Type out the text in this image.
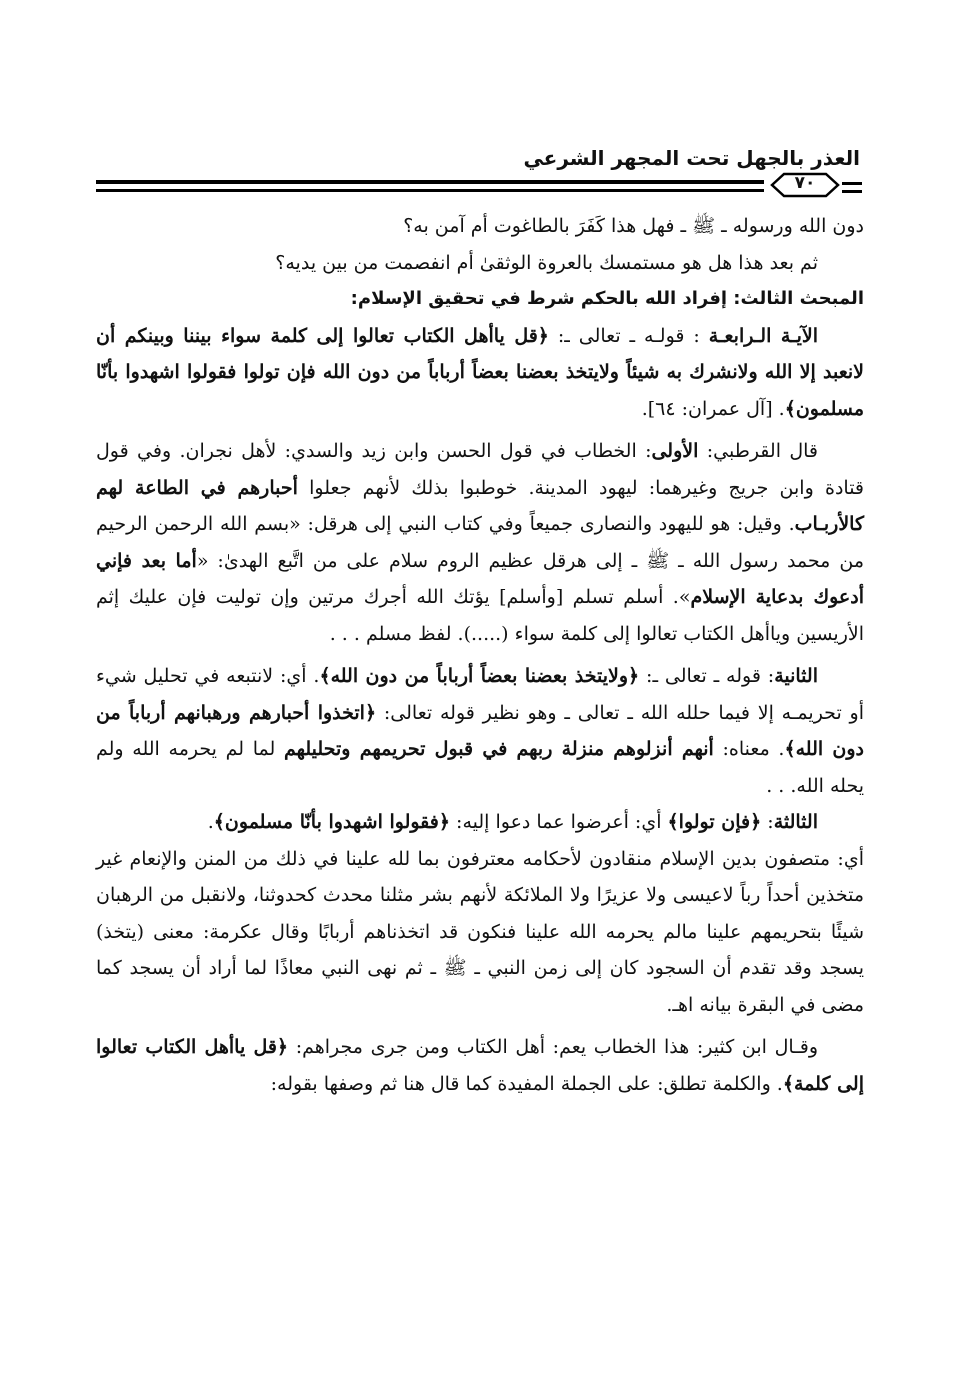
العذر بالجهل تحت المجهر الشرعي
٧٠

دون الله ورسوله ـ ﷺ ـ فهل هذا كَفَرَ بالطاغوت أم آمن به؟

ثم بعد هذا هل هو مستمسك بالعروة الوثقىٰ أم انفصمت من بين يديه؟

المبحث الثالث: إفراد الله بالحكم شرط في تحقيق الإسلام:

الآيـة الـرابعـة : قولـه ـ تعالى ـ: ﴿قل ياأهل الكتاب تعالوا إلى كلمة سواء بيننا وبينكم أن لانعبد إلا الله ولانشرك به شيئاً ولايتخذ بعضنا بعضاً أرباباً من دون الله فإن تولوا فقولوا اشهدوا بأنّا مسلمون﴾. [آل عمران: ٦٤].

قال القرطبي: الأولى: الخطاب في قول الحسن وابن زيد والسدي: لأهل نجران. وفي قول قتادة وابن جريج وغيرهما: ليهود المدينة. خوطبوا بذلك لأنهم جعلوا أحبارهم في الطاعة لهم كالأربـاب. وقيل: هو لليهود والنصارى جميعاً وفي كتاب النبي إلى هرقل: «بسم الله الرحمن الرحيم من محمد رسول الله ـ ﷺ ـ إلى هرقل عظيم الروم سلام على من اتَّبع الهدىٰ: «أما بعد فإني أدعوك بدعاية الإسلام». أسلم تسلم [وأسلم] يؤتك الله أجرك مرتين وإن توليت فإن عليك إثم الأريسين وياأهل الكتاب تعالوا إلى كلمة سواء (.....). لفظ مسلم . . .

الثانية: قوله ـ تعالى ـ: ﴿ولايتخذ بعضنا بعضاً أرباباً من دون الله﴾. أي: لانتبعه في تحليل شيء أو تحريمـه إلا فيما حلله الله ـ تعالى ـ وهو نظير قوله تعالى: ﴿اتخذوا أحبارهم ورهبانهم أرباباً من دون الله﴾. معناه: أنهم أنزلوهم منزلة ربهم في قبول تحريمهم وتحليلهم لما لم يحرمه الله ولم يحله الله. . .

الثالثة: ﴿فإن تولوا﴾ أي: أعرضوا عما دعوا إليه: ﴿فقولوا اشهدوا بأنّا مسلمون﴾.

أي: متصفون بدين الإسلام منقادون لأحكامه معترفون بما لله علينا في ذلك من المنن والإنعام غير متخذين أحداً رباً لاعيسى ولا عزيرًا ولا الملائكة لأنهم بشر مثلنا محدث كحدوثنا، ولانقبل من الرهبان شيئًا بتحريمهم علينا مالم يحرمه الله علينا فنكون قد اتخذناهم أربابًا وقال عكرمة: معنى (يتخذ) يسجد وقد تقدم أن السجود كان إلى زمن النبي ـ ﷺ ـ ثم نهى النبي معاذًا لما أراد أن يسجد كما مضى في البقرة بيانه اهـ.

وقـال ابن كثير: هذا الخطاب يعم: أهل الكتاب ومن جرى مجراهم: ﴿قل ياأهل الكتاب تعالوا إلى كلمة﴾. والكلمة تطلق: على الجملة المفيدة كما قال هنا ثم وصفها بقوله:
